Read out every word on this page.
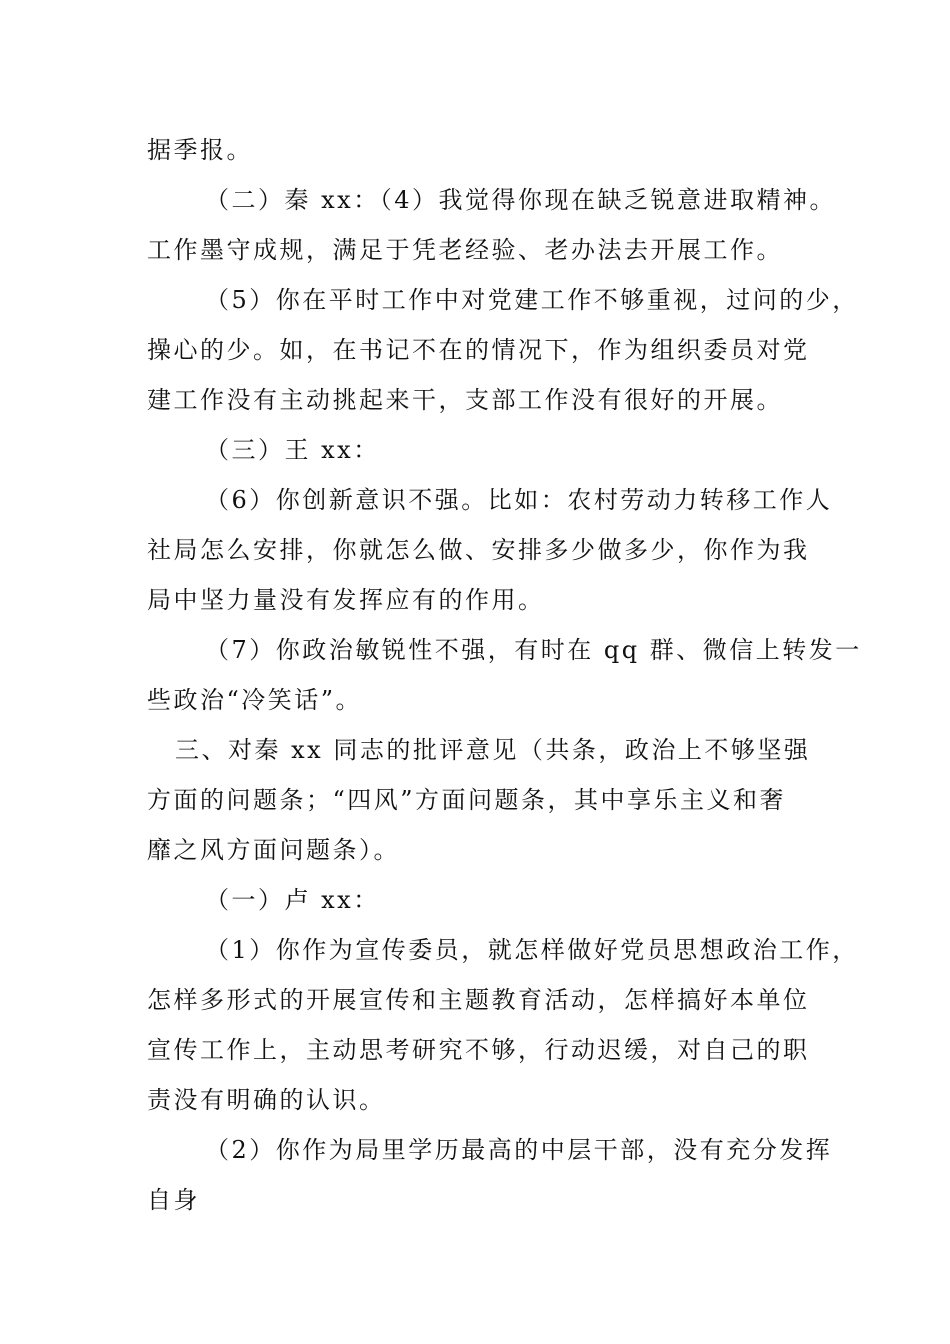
据季报。
（二）秦 xx：（4）我觉得你现在缺乏锐意进取精神。
工作墨守成规，满足于凭老经验、老办法去开展工作。
（5）你在平时工作中对党建工作不够重视，过问的少，
操心的少。如，在书记不在的情况下，作为组织委员对党
建工作没有主动挑起来干，支部工作没有很好的开展。
（三）王 xx：
（6）你创新意识不强。比如：农村劳动力转移工作人
社局怎么安排，你就怎么做、安排多少做多少，你作为我
局中坚力量没有发挥应有的作用。
（7）你政治敏锐性不强，有时在 qq 群、微信上转发一
些政治“冷笑话”。
三、对秦 xx 同志的批评意见（共条，政治上不够坚强
方面的问题条；“四风”方面问题条，其中享乐主义和奢
靡之风方面问题条）。
（一）卢 xx：
（1）你作为宣传委员，就怎样做好党员思想政治工作，
怎样多形式的开展宣传和主题教育活动，怎样搞好本单位
宣传工作上，主动思考研究不够，行动迟缓，对自己的职
责没有明确的认识。
（2）你作为局里学历最高的中层干部，没有充分发挥
自身
